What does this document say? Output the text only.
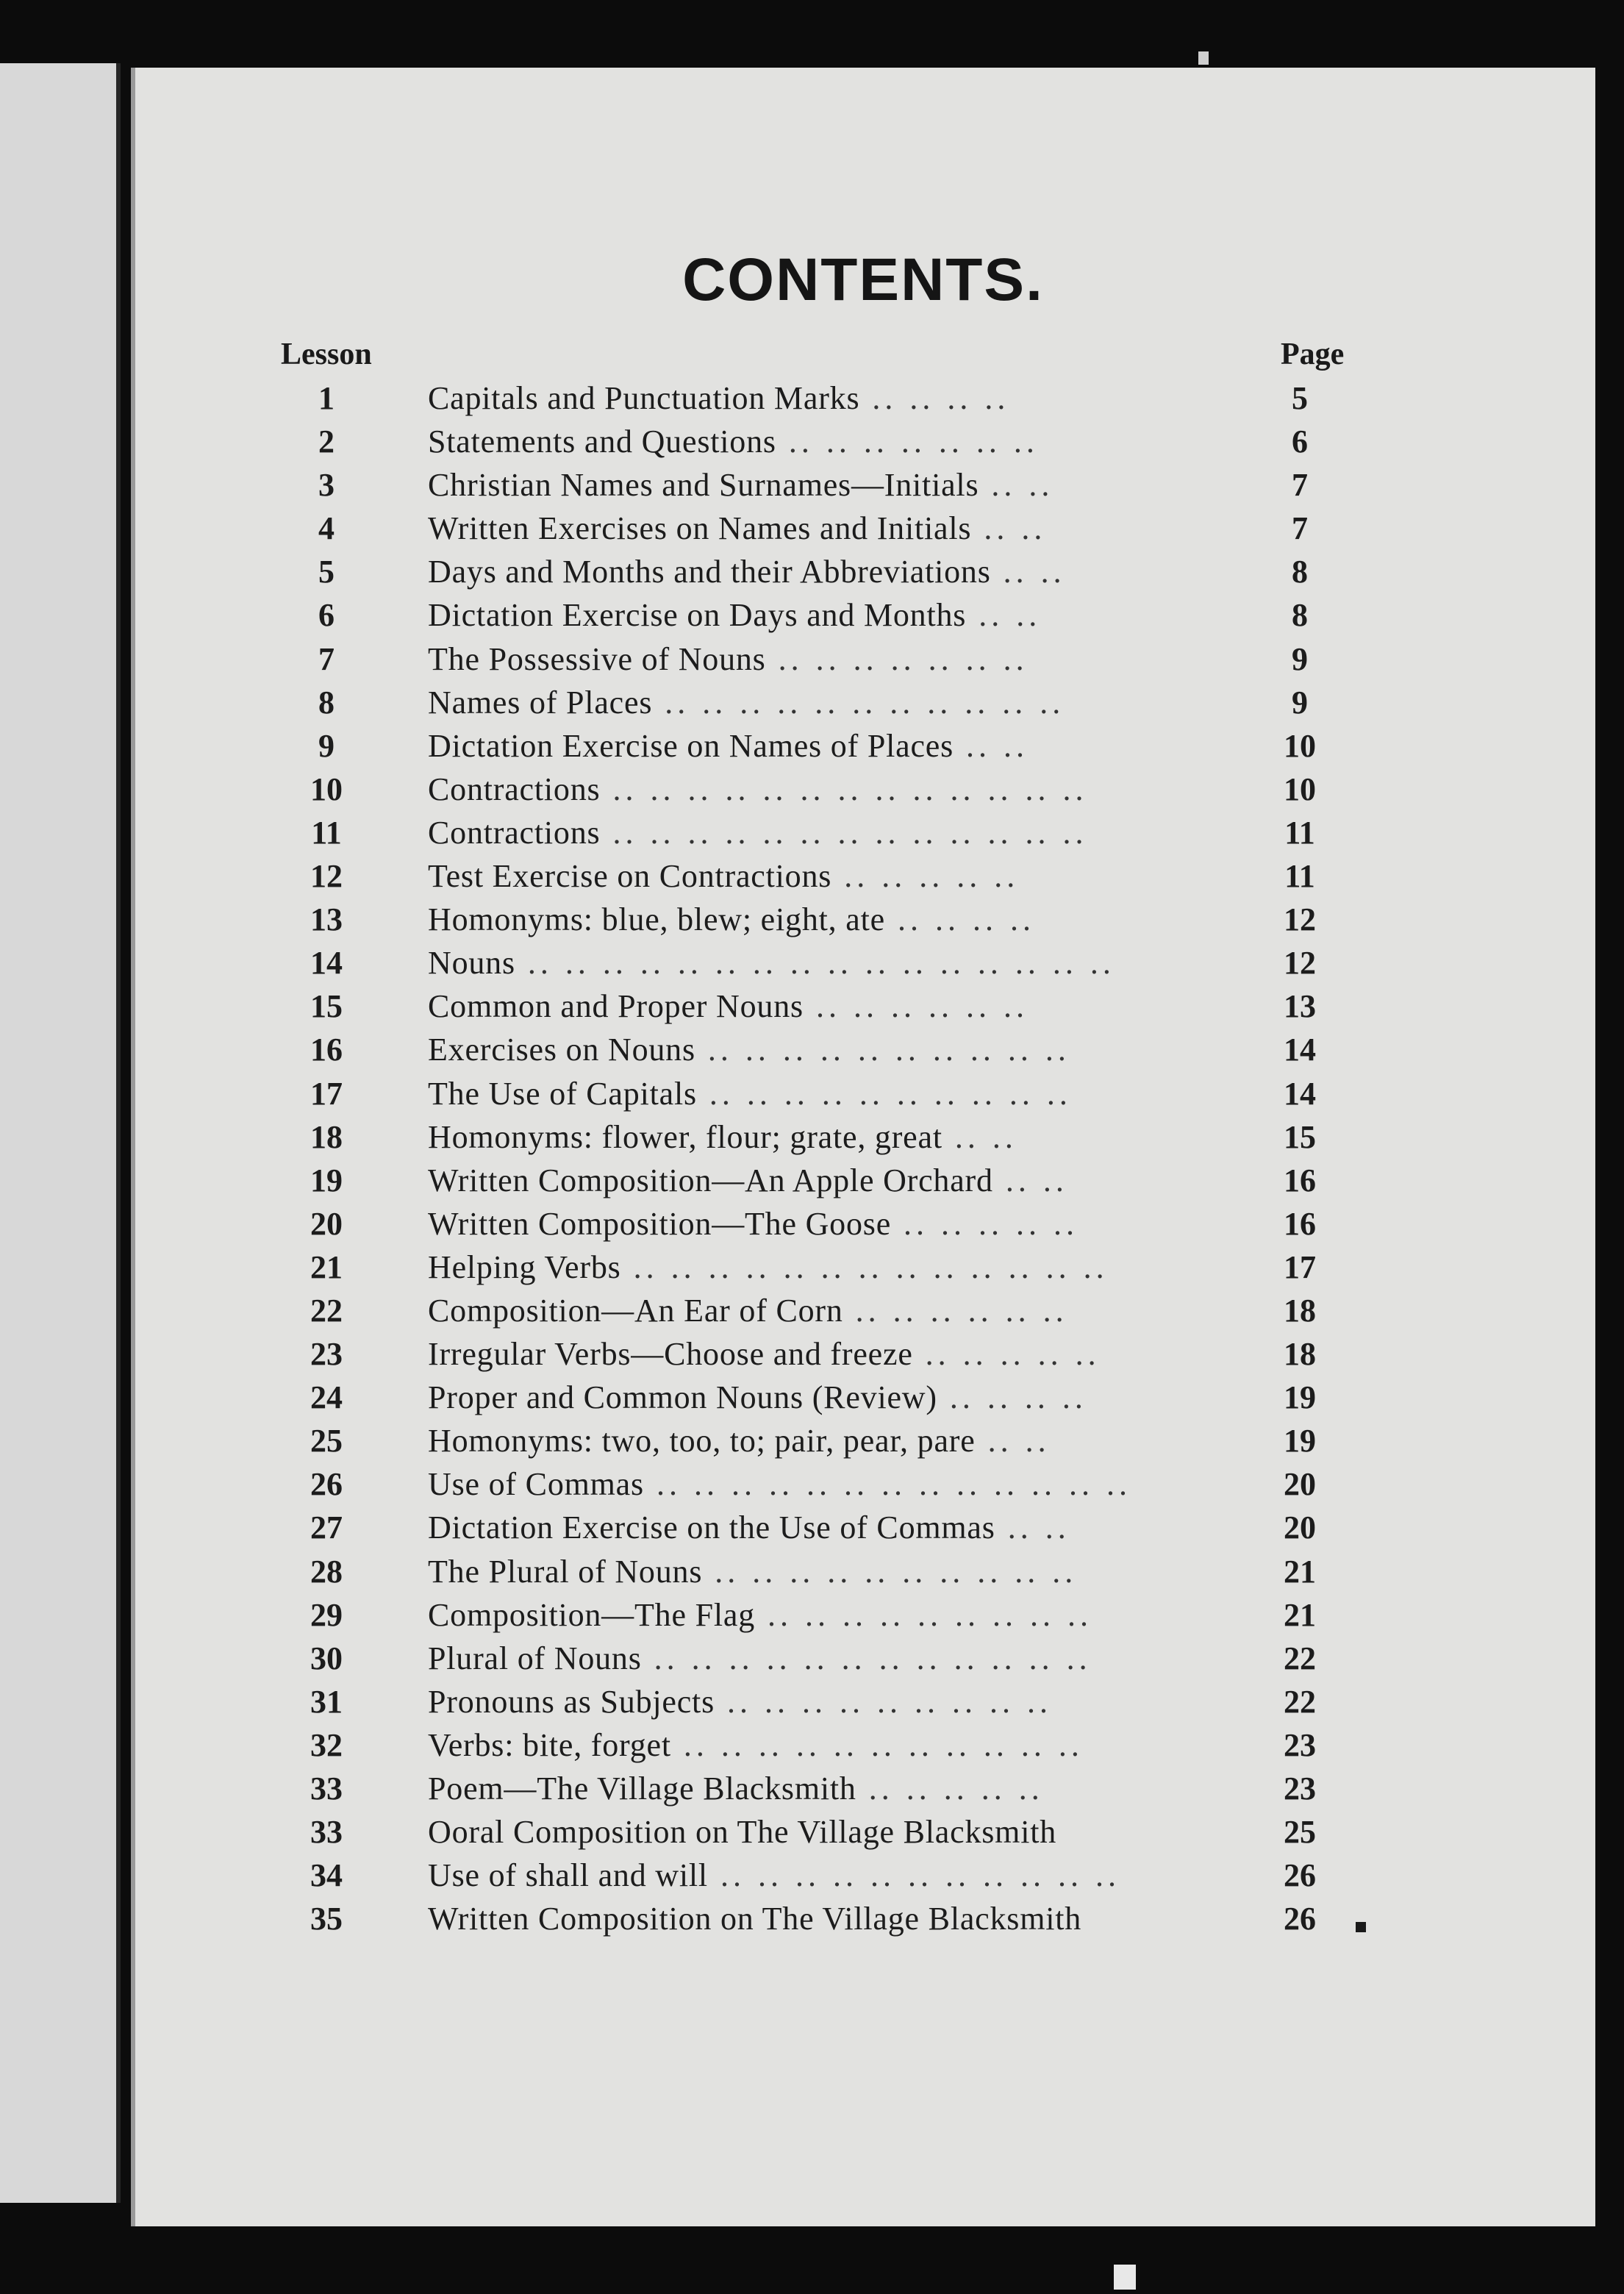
CONTENTS.
Lesson	Page
1	Capitals and Punctuation Marks .. .. .. ..	5
2	Statements and Questions .. .. .. .. .. .. ..	6
3	Christian Names and Surnames—Initials .. ..	7
4	Written Exercises on Names and Initials .. ..	7
5	Days and Months and their Abbreviations .. ..	8
6	Dictation Exercise on Days and Months .. ..	8
7	The Possessive of Nouns .. .. .. .. .. .. ..	9
8	Names of Places .. .. .. .. .. .. .. .. .. .. ..	9
9	Dictation Exercise on Names of Places .. ..	10
10	Contractions .. .. .. .. .. .. .. .. .. .. .. .. ..	10
11	Contractions .. .. .. .. .. .. .. .. .. .. .. .. ..	11
12	Test Exercise on Contractions .. .. .. .. ..	11
13	Homonyms: blue, blew; eight, ate .. .. .. ..	12
14	Nouns .. .. .. .. .. .. .. .. .. .. .. .. .. .. .. ..	12
15	Common and Proper Nouns .. .. .. .. .. ..	13
16	Exercises on Nouns .. .. .. .. .. .. .. .. .. ..	14
17	The Use of Capitals .. .. .. .. .. .. .. .. .. ..	14
18	Homonyms: flower, flour; grate, great .. ..	15
19	Written Composition—An Apple Orchard .. ..	16
20	Written Composition—The Goose .. .. .. .. ..	16
21	Helping Verbs .. .. .. .. .. .. .. .. .. .. .. .. ..	17
22	Composition—An Ear of Corn .. .. .. .. .. ..	18
23	Irregular Verbs—Choose and freeze .. .. .. .. ..	18
24	Proper and Common Nouns (Review) .. .. .. ..	19
25	Homonyms: two, too, to; pair, pear, pare .. ..	19
26	Use of Commas .. .. .. .. .. .. .. .. .. .. .. .. ..	20
27	Dictation Exercise on the Use of Commas .. ..	20
28	The Plural of Nouns .. .. .. .. .. .. .. .. .. ..	21
29	Composition—The Flag .. .. .. .. .. .. .. .. ..	21
30	Plural of Nouns .. .. .. .. .. .. .. .. .. .. .. ..	22
31	Pronouns as Subjects .. .. .. .. .. .. .. .. ..	22
32	Verbs: bite, forget .. .. .. .. .. .. .. .. .. .. ..	23
33	Poem—The Village Blacksmith .. .. .. .. ..	23
33	Ooral Composition on The Village Blacksmith	25
34	Use of shall and will .. .. .. .. .. .. .. .. .. .. ..	26
35	Written Composition on The Village Blacksmith	26
